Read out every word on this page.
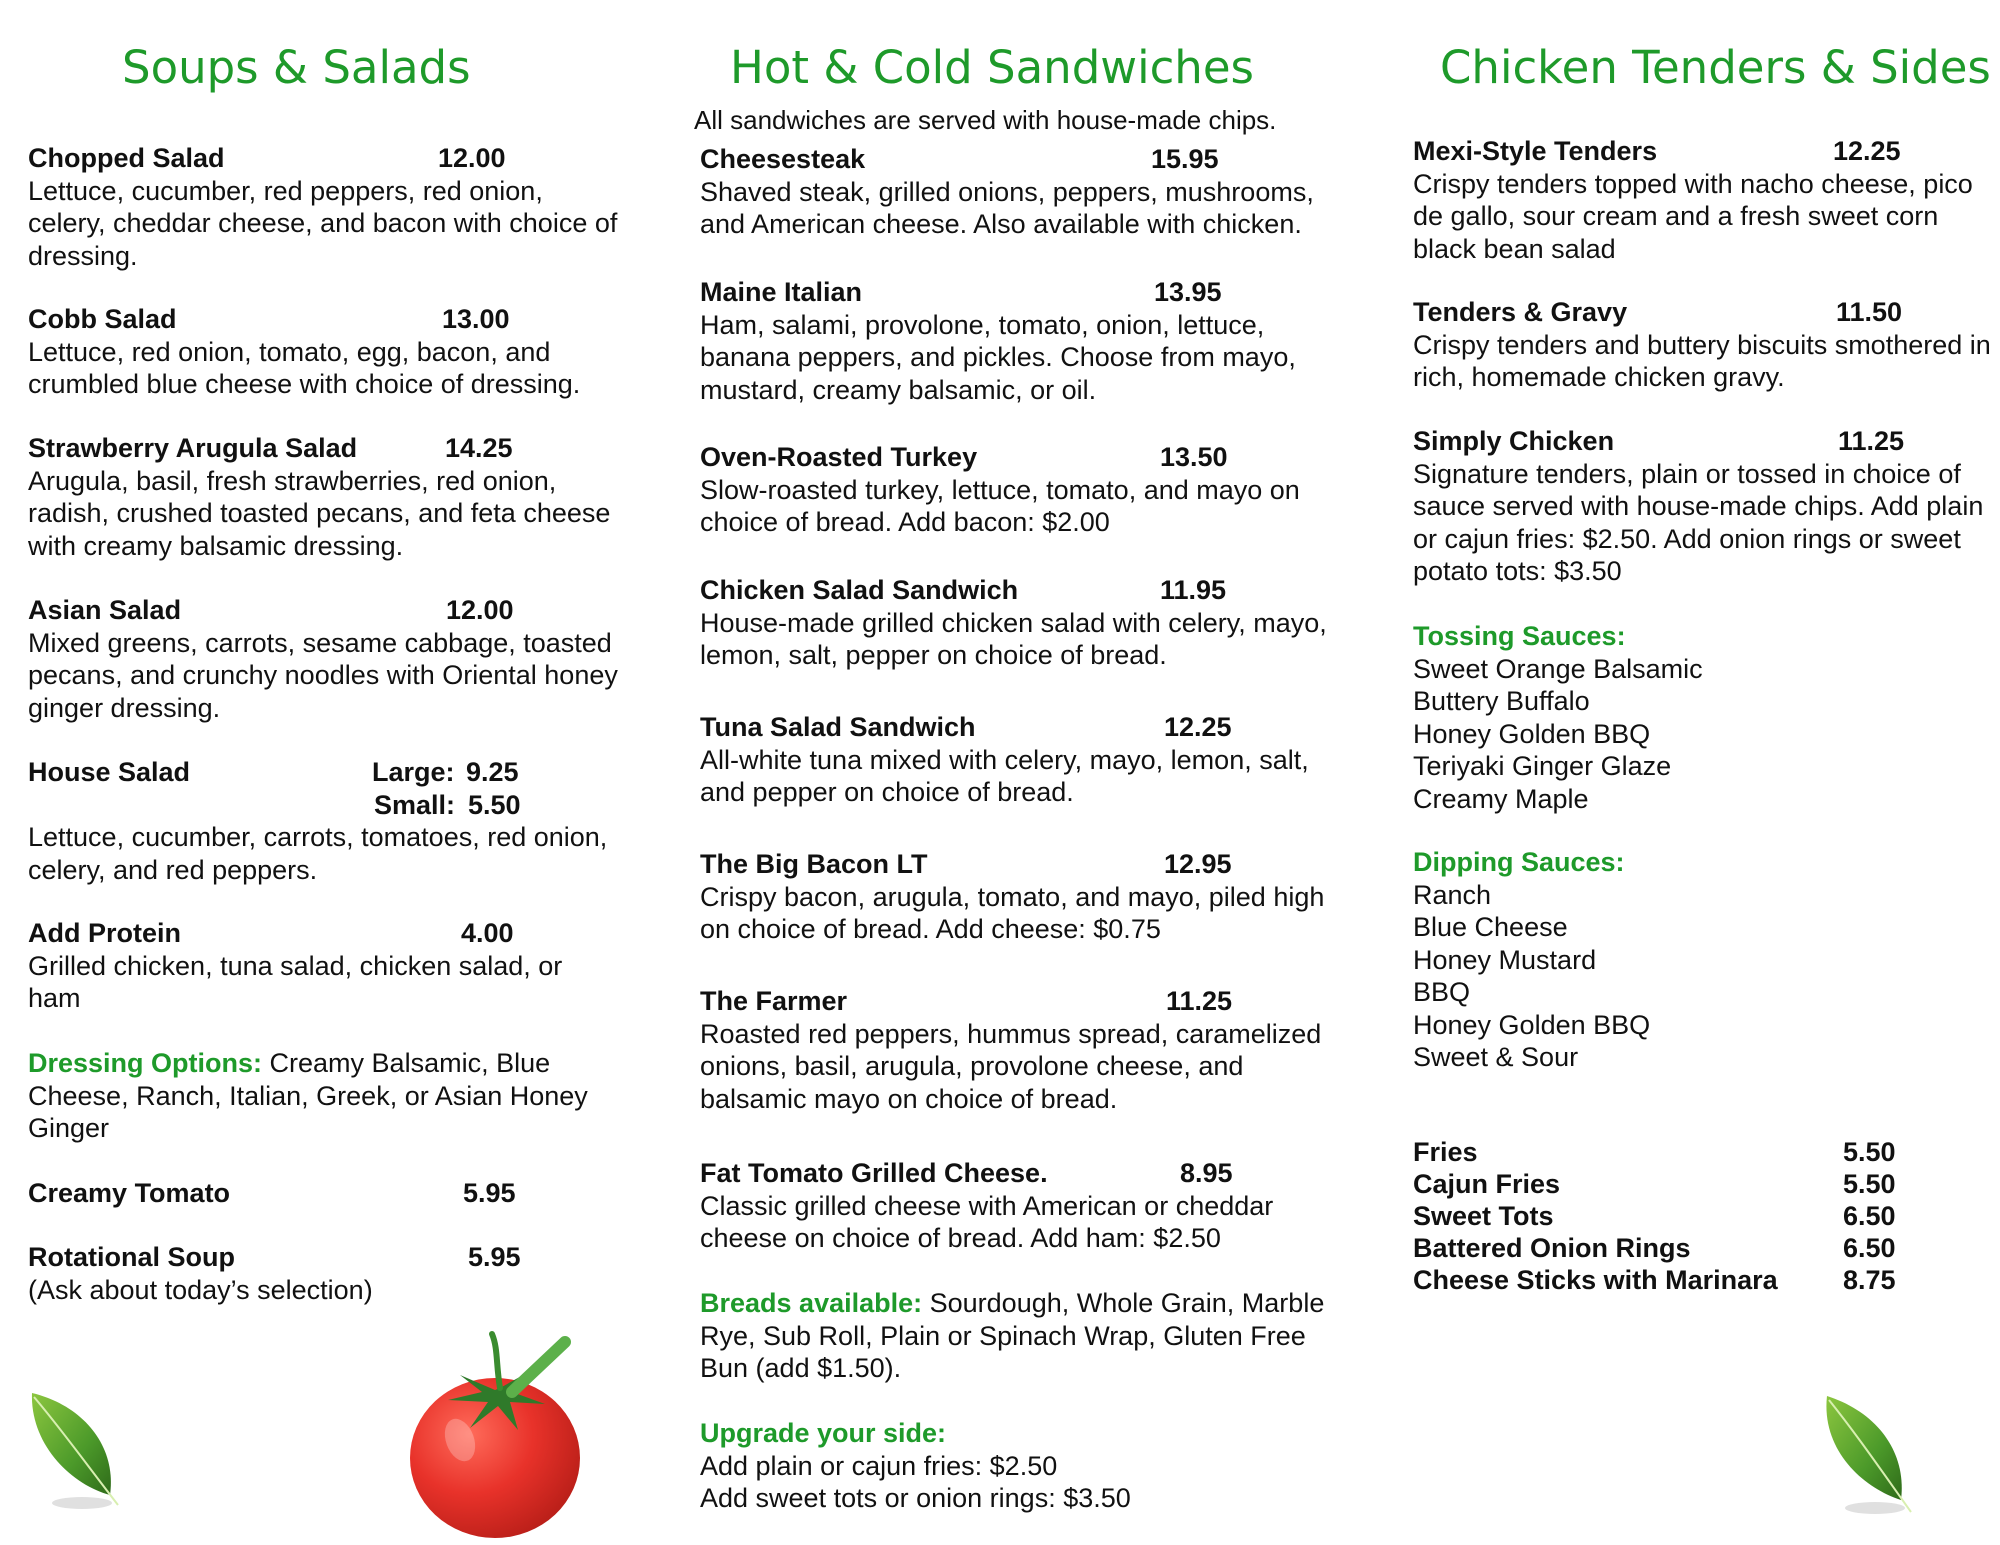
Soups & Salads
Chopped Salad	12.00
Lettuce, cucumber, red peppers, red onion, celery, cheddar cheese, and bacon with choice of dressing.
Cobb Salad	13.00
Lettuce, red onion, tomato, egg, bacon, and crumbled blue cheese with choice of dressing.
Strawberry Arugula Salad	14.25
Arugula, basil, fresh strawberries, red onion, radish, crushed toasted pecans, and feta cheese with creamy balsamic dressing.
Asian Salad	12.00
Mixed greens, carrots, sesame cabbage, toasted pecans, and crunchy noodles with Oriental honey ginger dressing.
House Salad	Large: 9.25
Small: 5.50
Lettuce, cucumber, carrots, tomatoes, red onion, celery, and red peppers.
Add Protein	4.00
Grilled chicken, tuna salad, chicken salad, or ham
Dressing Options: Creamy Balsamic, Blue Cheese, Ranch, Italian, Greek, or Asian Honey Ginger
Creamy Tomato	5.95
Rotational Soup	5.95
(Ask about today’s selection)
Hot & Cold Sandwiches
All sandwiches are served with house-made chips.
Cheesesteak	15.95
Shaved steak, grilled onions, peppers, mushrooms, and American cheese. Also available with chicken.
Maine Italian	13.95
Ham, salami, provolone, tomato, onion, lettuce, banana peppers, and pickles. Choose from mayo, mustard, creamy balsamic, or oil.
Oven-Roasted Turkey	13.50
Slow-roasted turkey, lettuce, tomato, and mayo on choice of bread. Add bacon: $2.00
Chicken Salad Sandwich	11.95
House-made grilled chicken salad with celery, mayo, lemon, salt, pepper on choice of bread.
Tuna Salad Sandwich	12.25
All-white tuna mixed with celery, mayo, lemon, salt, and pepper on choice of bread.
The Big Bacon LT	12.95
Crispy bacon, arugula, tomato, and mayo, piled high on choice of bread. Add cheese: $0.75
The Farmer	11.25
Roasted red peppers, hummus spread, caramelized onions, basil, arugula, provolone cheese, and balsamic mayo on choice of bread.
Fat Tomato Grilled Cheese.	8.95
Classic grilled cheese with American or cheddar cheese on choice of bread. Add ham: $2.50
Breads available: Sourdough, Whole Grain, Marble Rye, Sub Roll, Plain or Spinach Wrap, Gluten Free Bun (add $1.50).
Upgrade your side:
Add plain or cajun fries: $2.50
Add sweet tots or onion rings: $3.50
Chicken Tenders & Sides
Mexi-Style Tenders	12.25
Crispy tenders topped with nacho cheese, pico de gallo, sour cream and a fresh sweet corn black bean salad
Tenders & Gravy	11.50
Crispy tenders and buttery biscuits smothered in rich, homemade chicken gravy.
Simply Chicken	11.25
Signature tenders, plain or tossed in choice of sauce served with house-made chips. Add plain or cajun fries: $2.50. Add onion rings or sweet potato tots: $3.50
Tossing Sauces:
Sweet Orange Balsamic
Buttery Buffalo
Honey Golden BBQ
Teriyaki Ginger Glaze
Creamy Maple
Dipping Sauces:
Ranch
Blue Cheese
Honey Mustard
BBQ
Honey Golden BBQ
Sweet & Sour
Fries	5.50
Cajun Fries	5.50
Sweet Tots	6.50
Battered Onion Rings	6.50
Cheese Sticks with Marinara 8.75
